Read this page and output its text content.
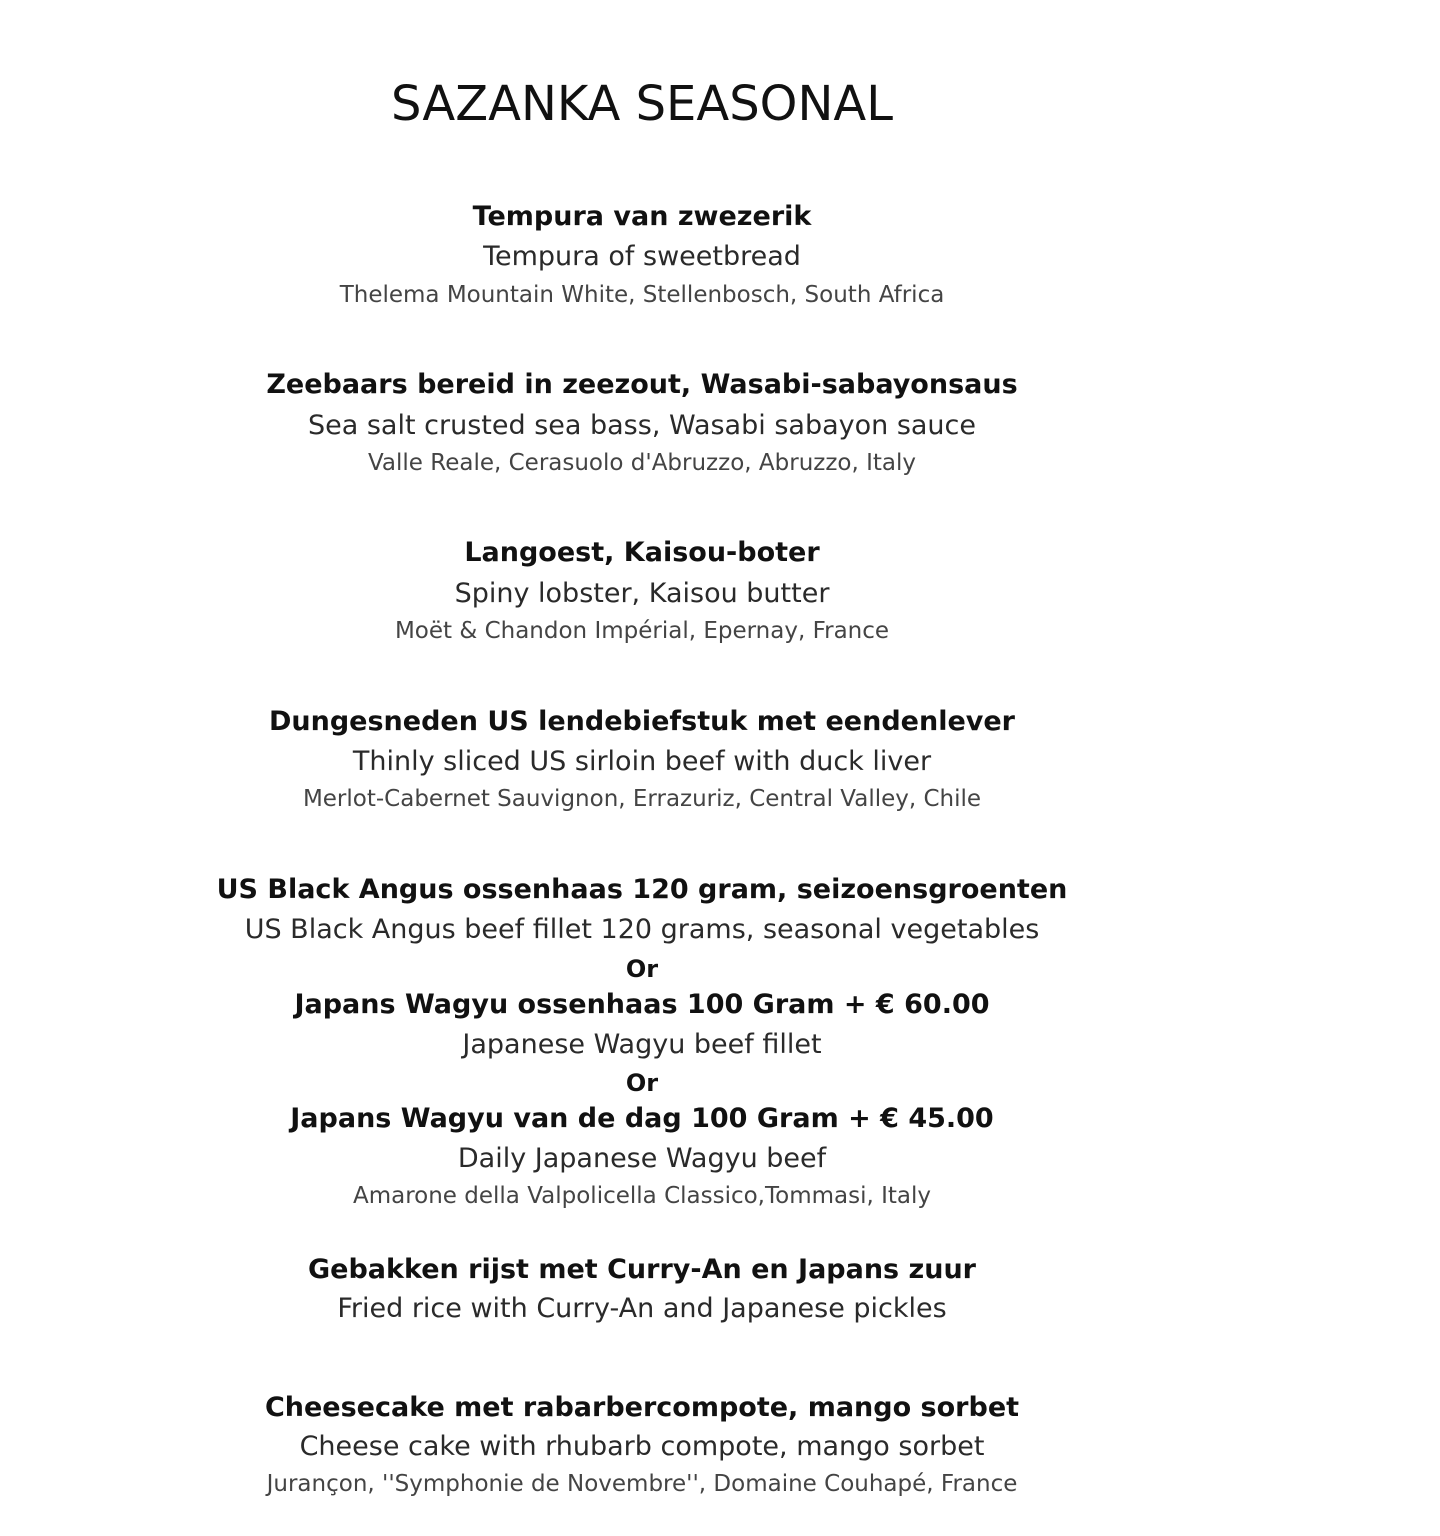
SAZANKA SEASONAL
Tempura van zwezerik
Tempura of sweetbread
Thelema Mountain White, Stellenbosch, South Africa
Zeebaars bereid in zeezout, Wasabi-sabayonsaus
Sea salt crusted sea bass, Wasabi sabayon sauce
Valle Reale, Cerasuolo d'Abruzzo, Abruzzo, Italy
Langoest, Kaisou-boter
Spiny lobster, Kaisou butter
Moët & Chandon Impérial, Epernay, France
Dungesneden US lendebiefstuk met eendenlever
Thinly sliced US sirloin beef with duck liver
Merlot-Cabernet Sauvignon, Errazuriz, Central Valley, Chile
US Black Angus ossenhaas 120 gram, seizoensgroenten
US Black Angus beef fillet 120 grams, seasonal vegetables
Or
Japans Wagyu ossenhaas 100 Gram + € 60.00
Japanese Wagyu beef fillet
Or
Japans Wagyu van de dag 100 Gram + € 45.00
Daily Japanese Wagyu beef
Amarone della Valpolicella Classico,Tommasi, Italy
Gebakken rijst met Curry-An en Japans zuur
Fried rice with Curry-An and Japanese pickles
Cheesecake met rabarbercompote, mango sorbet
Cheese cake with rhubarb compote, mango sorbet
Jurançon, ''Symphonie de Novembre'', Domaine Couhapé, France
